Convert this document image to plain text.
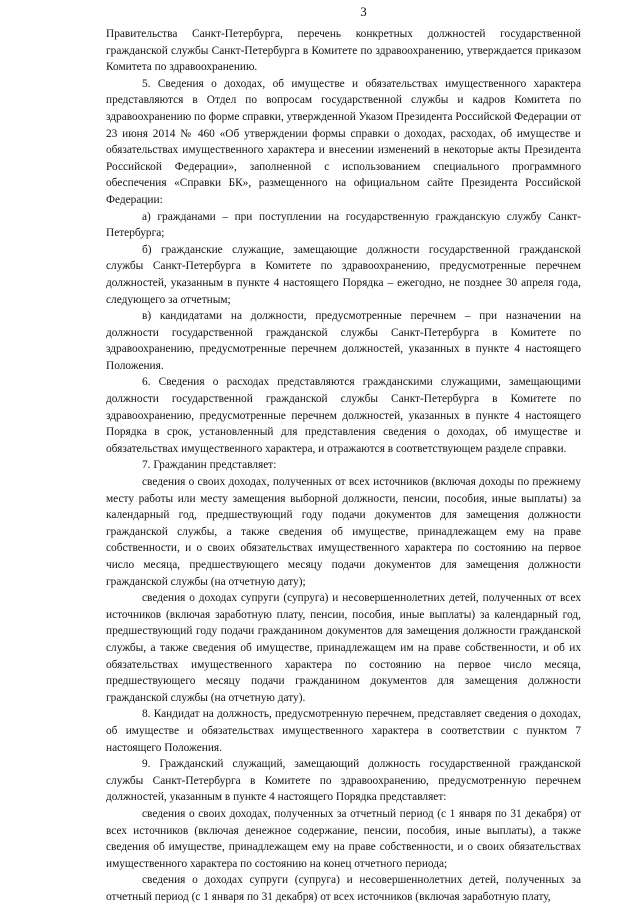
3

Правительства Санкт-Петербурга, перечень конкретных должностей государственной гражданской службы Санкт-Петербурга в Комитете по здравоохранению, утверждается приказом Комитета по здравоохранению.

5. Сведения о доходах, об имуществе и обязательствах имущественного характера представляются в Отдел по вопросам государственной службы и кадров Комитета по здравоохранению по форме справки, утвержденной Указом Президента Российской Федерации от 23 июня 2014 № 460 «Об утверждении формы справки о доходах, расходах, об имуществе и обязательствах имущественного характера и внесении изменений в некоторые акты Президента Российской Федерации», заполненной с использованием специального программного обеспечения «Справки БК», размещенного на официальном сайте Президента Российской Федерации:

а) гражданами – при поступлении на государственную гражданскую службу Санкт-Петербурга;

б) гражданские служащие, замещающие должности государственной гражданской службы Санкт-Петербурга в Комитете по здравоохранению, предусмотренные перечнем должностей, указанным в пункте 4 настоящего Порядка – ежегодно, не позднее 30 апреля года, следующего за отчетным;

в) кандидатами на должности, предусмотренные перечнем – при назначении на должности государственной гражданской службы Санкт-Петербурга в Комитете по здравоохранению, предусмотренные перечнем должностей, указанных в пункте 4 настоящего Положения.

6. Сведения о расходах представляются гражданскими служащими, замещающими должности государственной гражданской службы Санкт-Петербурга в Комитете по здравоохранению, предусмотренные перечнем должностей, указанных в пункте 4 настоящего Порядка в срок, установленный для представления сведения о доходах, об имуществе и обязательствах имущественного характера, и отражаются в соответствующем разделе справки.

7. Гражданин представляет:

сведения о своих доходах, полученных от всех источников (включая доходы по прежнему месту работы или месту замещения выборной должности, пенсии, пособия, иные выплаты) за календарный год, предшествующий году подачи документов для замещения должности гражданской службы, а также сведения об имуществе, принадлежащем ему на праве собственности, и о своих обязательствах имущественного характера по состоянию на первое число месяца, предшествующего месяцу подачи документов для замещения должности гражданской службы (на отчетную дату);

сведения о доходах супруги (супруга) и несовершеннолетних детей, полученных от всех источников (включая заработную плату, пенсии, пособия, иные выплаты) за календарный год, предшествующий году подачи гражданином документов для замещения должности гражданской службы, а также сведения об имуществе, принадлежащем им на праве собственности, и об их обязательствах имущественного характера по состоянию на первое число месяца, предшествующего месяцу подачи гражданином документов для замещения должности гражданской службы (на отчетную дату).

8. Кандидат на должность, предусмотренную перечнем, представляет сведения о доходах, об имуществе и обязательствах имущественного характера в соответствии с пунктом 7 настоящего Положения.

9. Гражданский служащий, замещающий должность государственной гражданской службы Санкт-Петербурга в Комитете по здравоохранению, предусмотренную перечнем должностей, указанным в пункте 4 настоящего Порядка представляет:

сведения о своих доходах, полученных за отчетный период (с 1 января по 31 декабря) от всех источников (включая денежное содержание, пенсии, пособия, иные выплаты), а также сведения об имуществе, принадлежащем ему на праве собственности, и о своих обязательствах имущественного характера по состоянию на конец отчетного периода;

сведения о доходах супруги (супруга) и несовершеннолетних детей, полученных за отчетный период (с 1 января по 31 декабря) от всех источников (включая заработную плату,
